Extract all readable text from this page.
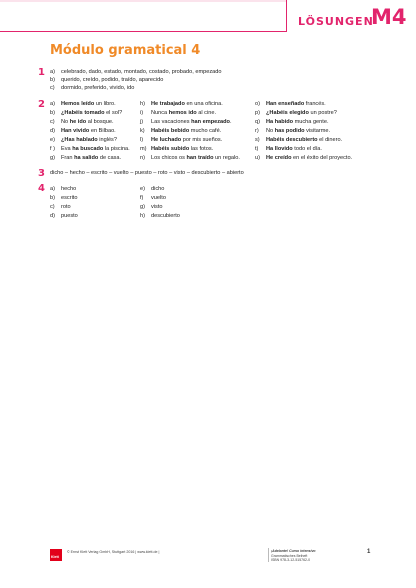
LÖSUNGEN
M4
Módulo gramatical 4
1 a) celebrado, dado, estado, montado, costado, probado, empezado
b) querido, creído, podido, traído, aparecido
c) dormido, preferido, vivido, ido
2 a) Hemos leído un libro.
b) ¿Habéis tomado el sol?
c) No he ido al bosque.
d) Han vivido en Bilbao.
e) ¿Has hablado inglés?
f ) Eva ha buscado la piscina.
g) Fran ha salido de casa.
h) He trabajado en una oficina.
i) Nunca hemos ido al cine.
j) Las vacaciones han empezado.
k) Habéis bebido mucho café.
l) He luchado por mis sueños.
m) Habéis subido las fotos.
n) Los chicos os han traído un regalo.
o) Han enseñado francés.
p) ¿Habéis elegido un postre?
q) Ha habido mucha gente.
r) No has podido visitarme.
s) Habéis descubierto el dinero.
t) Ha llovido todo el día.
u) He creído en el éxito del proyecto.
3 dicho – hecho – escrito – vuelto – puesto – roto – visto – descubierto – abierto
4 a) hecho
b) escrito
c) roto
d) puesto
e) dicho
f) vuelto
g) visto
h) descubierto
Klett
© Ernst Klett Verlag GmbH, Stuttgart 2016 | www.klett.de |	¡Adelante! Curso intensivo
Grammatisches Beiheft
ISBN 978-3-12-515762-0
1
